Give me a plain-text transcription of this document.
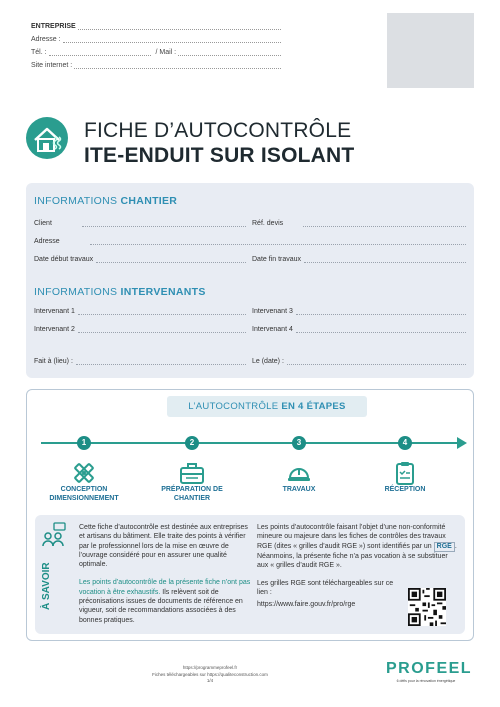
ENTREPRISE
Adresse :
Tél. :	/ Mail :
Site internet :
FICHE D’AUTOCONTRÔLE
ITE-ENDUIT SUR ISOLANT
INFORMATIONS CHANTIER
Client	Réf. devis
Adresse
Date début travaux	Date fin travaux
INFORMATIONS INTERVENANTS
Intervenant 1	Intervenant 3
Intervenant 2	Intervenant 4
Fait à (lieu) :	Le (date) :
L’AUTOCONTRÔLE EN 4 ÉTAPES
1
CONCEPTION
DIMENSIONNEMENT
2
PRÉPARATION DE
CHANTIER
3
TRAVAUX
4
RÉCEPTION
À SAVOIR

Cette fiche d’autocontrôle est destinée aux entreprises et artisans du bâtiment. Elle traite des points à vérifier par le professionnel lors de la mise en œuvre de l’ouvrage considéré pour en assurer une qualité optimale.

Les points d’autocontrôle de la présente fiche n’ont pas vocation à être exhaustifs. Ils relèvent soit de préconisations issues de documents de référence en vigueur, soit de recommandations associées à des bonnes pratiques.

Les points d’autocontrôle faisant l’objet d’une non-conformité mineure ou majeure dans les fiches de contrôles des travaux RGE (dites « grilles d’audit RGE ») sont identifiés par un RGE . Néanmoins, la présente fiche n’a pas vocation à se substituer aux « grilles d’audit RGE ».

Les grilles RGE sont téléchargeables sur ce lien :

https://www.faire.gouv.fr/pro/rge

https://programmeprofeel.fr
Fiches téléchargeables sur https://qualiteconstruction.com
1/4
PROFEEL
6 défis pour la rénovation énergétique
